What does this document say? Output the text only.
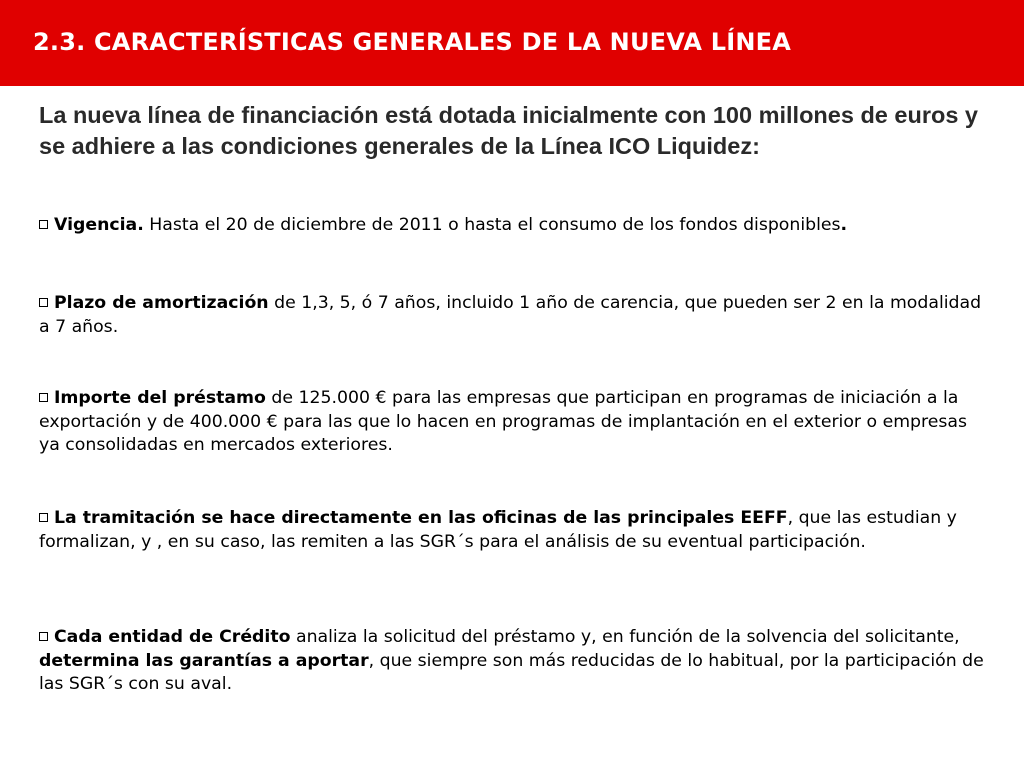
2.3. CARACTERÍSTICAS GENERALES DE LA NUEVA LÍNEA

La nueva línea de financiación está dotada inicialmente con 100 millones de euros y se adhiere a las condiciones generales de la Línea ICO Liquidez:

Vigencia. Hasta el 20 de diciembre de 2011 o hasta el consumo de los fondos disponibles.

Plazo de amortización de 1,3, 5, ó 7 años, incluido 1 año de carencia, que pueden ser 2 en la modalidad a 7 años.

Importe del préstamo de 125.000 € para las empresas que participan en programas de iniciación a la exportación y de 400.000 € para las que lo hacen en programas de implantación en el exterior o empresas ya consolidadas en mercados exteriores.

La tramitación se hace directamente en las oficinas de las principales EEFF, que las estudian y formalizan, y , en su caso, las remiten a las SGR´s para el análisis de su eventual participación.

Cada entidad de Crédito analiza la solicitud del préstamo y, en función de la solvencia del solicitante, determina las garantías a aportar, que siempre son más reducidas de lo habitual, por la participación de las SGR´s con su aval.
